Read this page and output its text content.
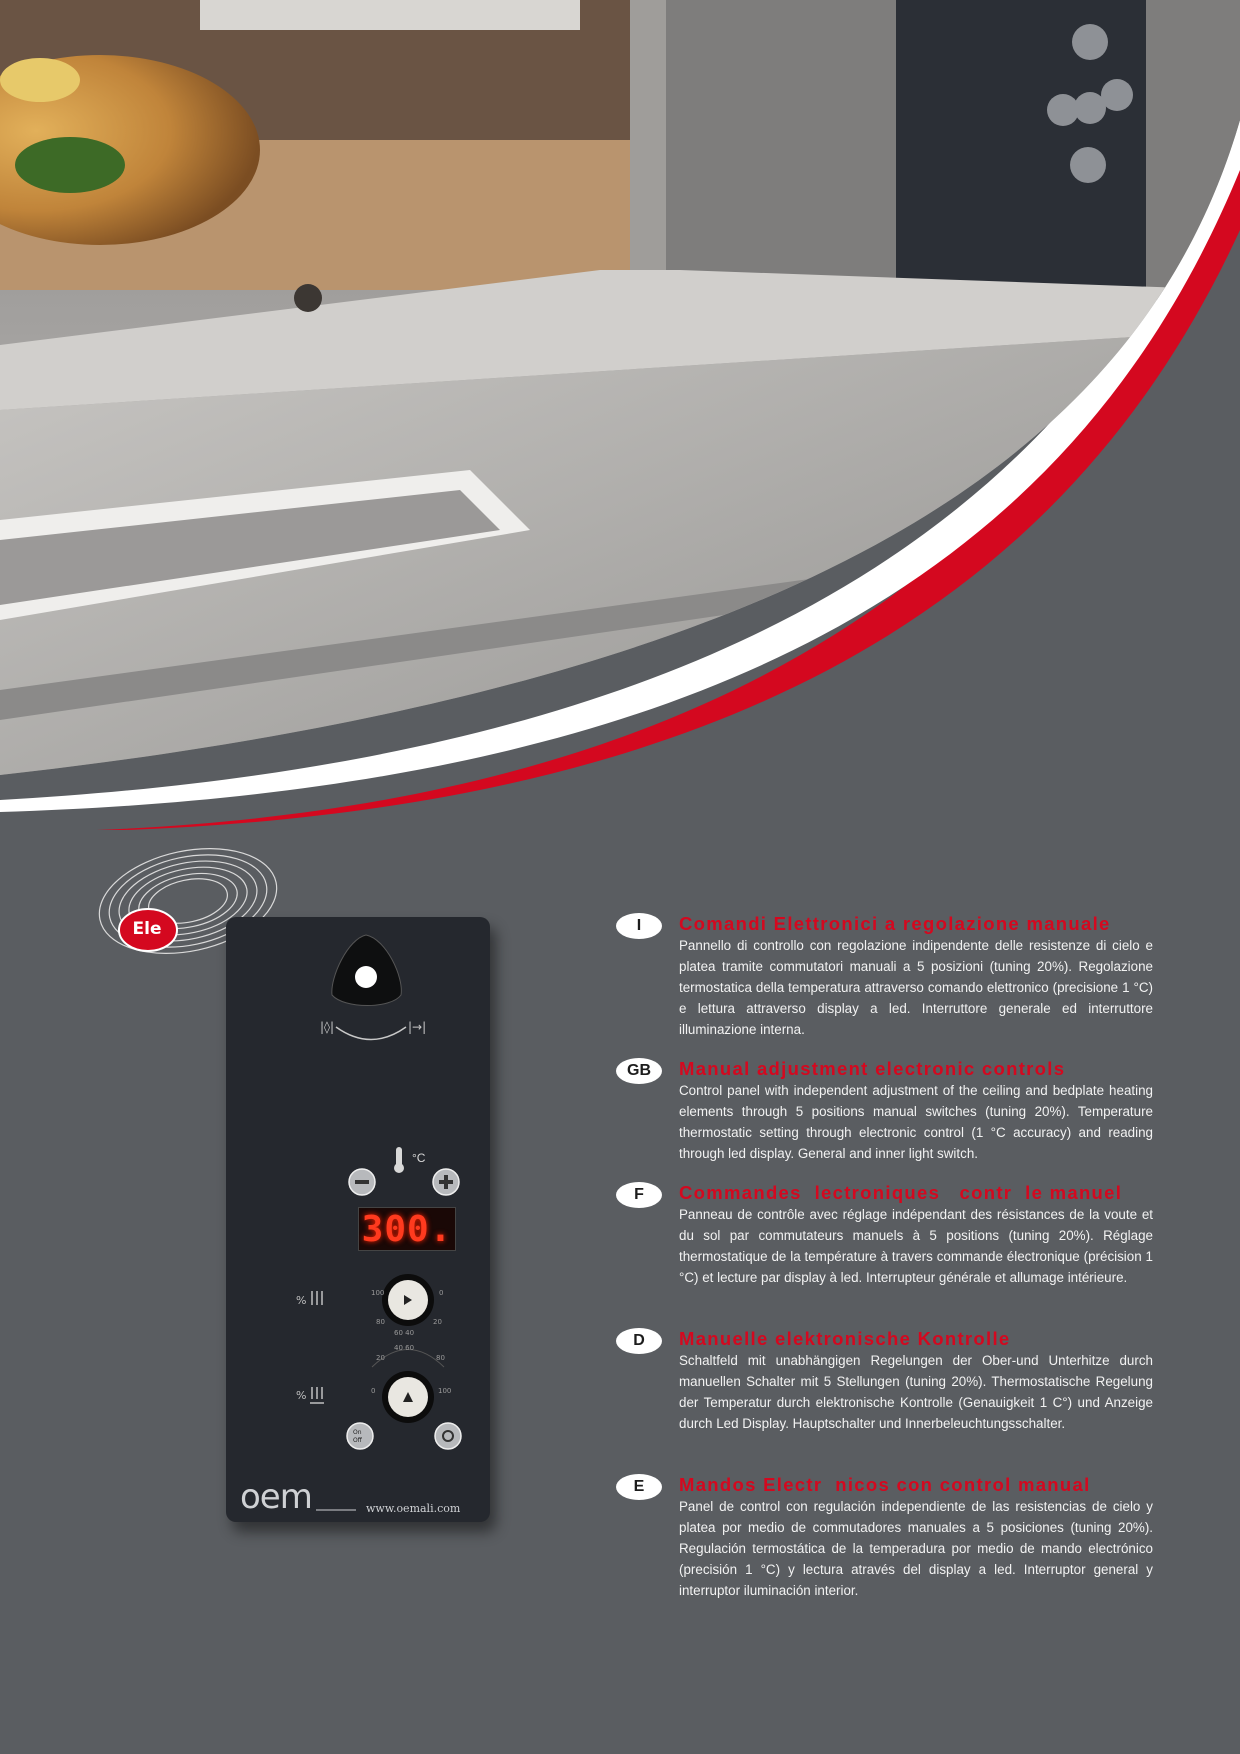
Ele
|◊|	|→|
100	0
80	20
60 40
%
40 60
20	80
0	100
%
On
Off
300.
°C
oem	www.oemali.com
I	Comandi Elettronici a regolazione manuale
Pannello di controllo con regolazione indipendente delle resistenze di cielo e platea tramite commutatori manuali a 5 posizioni (tuning 20%). Regolazione termostatica della temperatura attraverso comando elettronico (precisione 1 °C) e lettura attraverso display a led. Interruttore generale ed interruttore illuminazione interna.
GB	Manual adjustment electronic controls
Control panel with independent adjustment of the ceiling and bedplate heating elements through 5 positions manual switches (tuning 20%). Temperature thermostatic setting through electronic control (1 °C accuracy) and reading through led display. General and inner light switch.
F	Commandes  lectroniques   contr  le manuel
Panneau de contrôle avec réglage indépendant des résistances de la voute et du sol par commutateurs manuels à 5 positions (tuning 20%). Réglage thermostatique de la température à travers commande électronique (précision 1 °C) et lecture par display à led. Interrupteur générale et allumage intérieure.
D	Manuelle elektronische Kontrolle
Schaltfeld mit unabhängigen Regelungen der Ober-und Unterhitze durch manuellen Schalter mit 5 Stellungen (tuning 20%). Thermostatische Regelung der Temperatur durch elektronische Kontrolle (Genauigkeit 1 C°) und Anzeige durch Led Display. Hauptschalter und Innerbeleuchtungsschalter.
E	Mandos Electr  nicos con control manual
Panel de control con regulación independiente de las resistencias de cielo y platea por medio de commutadores manuales a 5 posiciones (tuning 20%). Regulación termostática de la temperadura por medio de mando electrónico (precisión 1 °C) y lectura através del display a led. Interruptor general y interruptor iluminación interior.
